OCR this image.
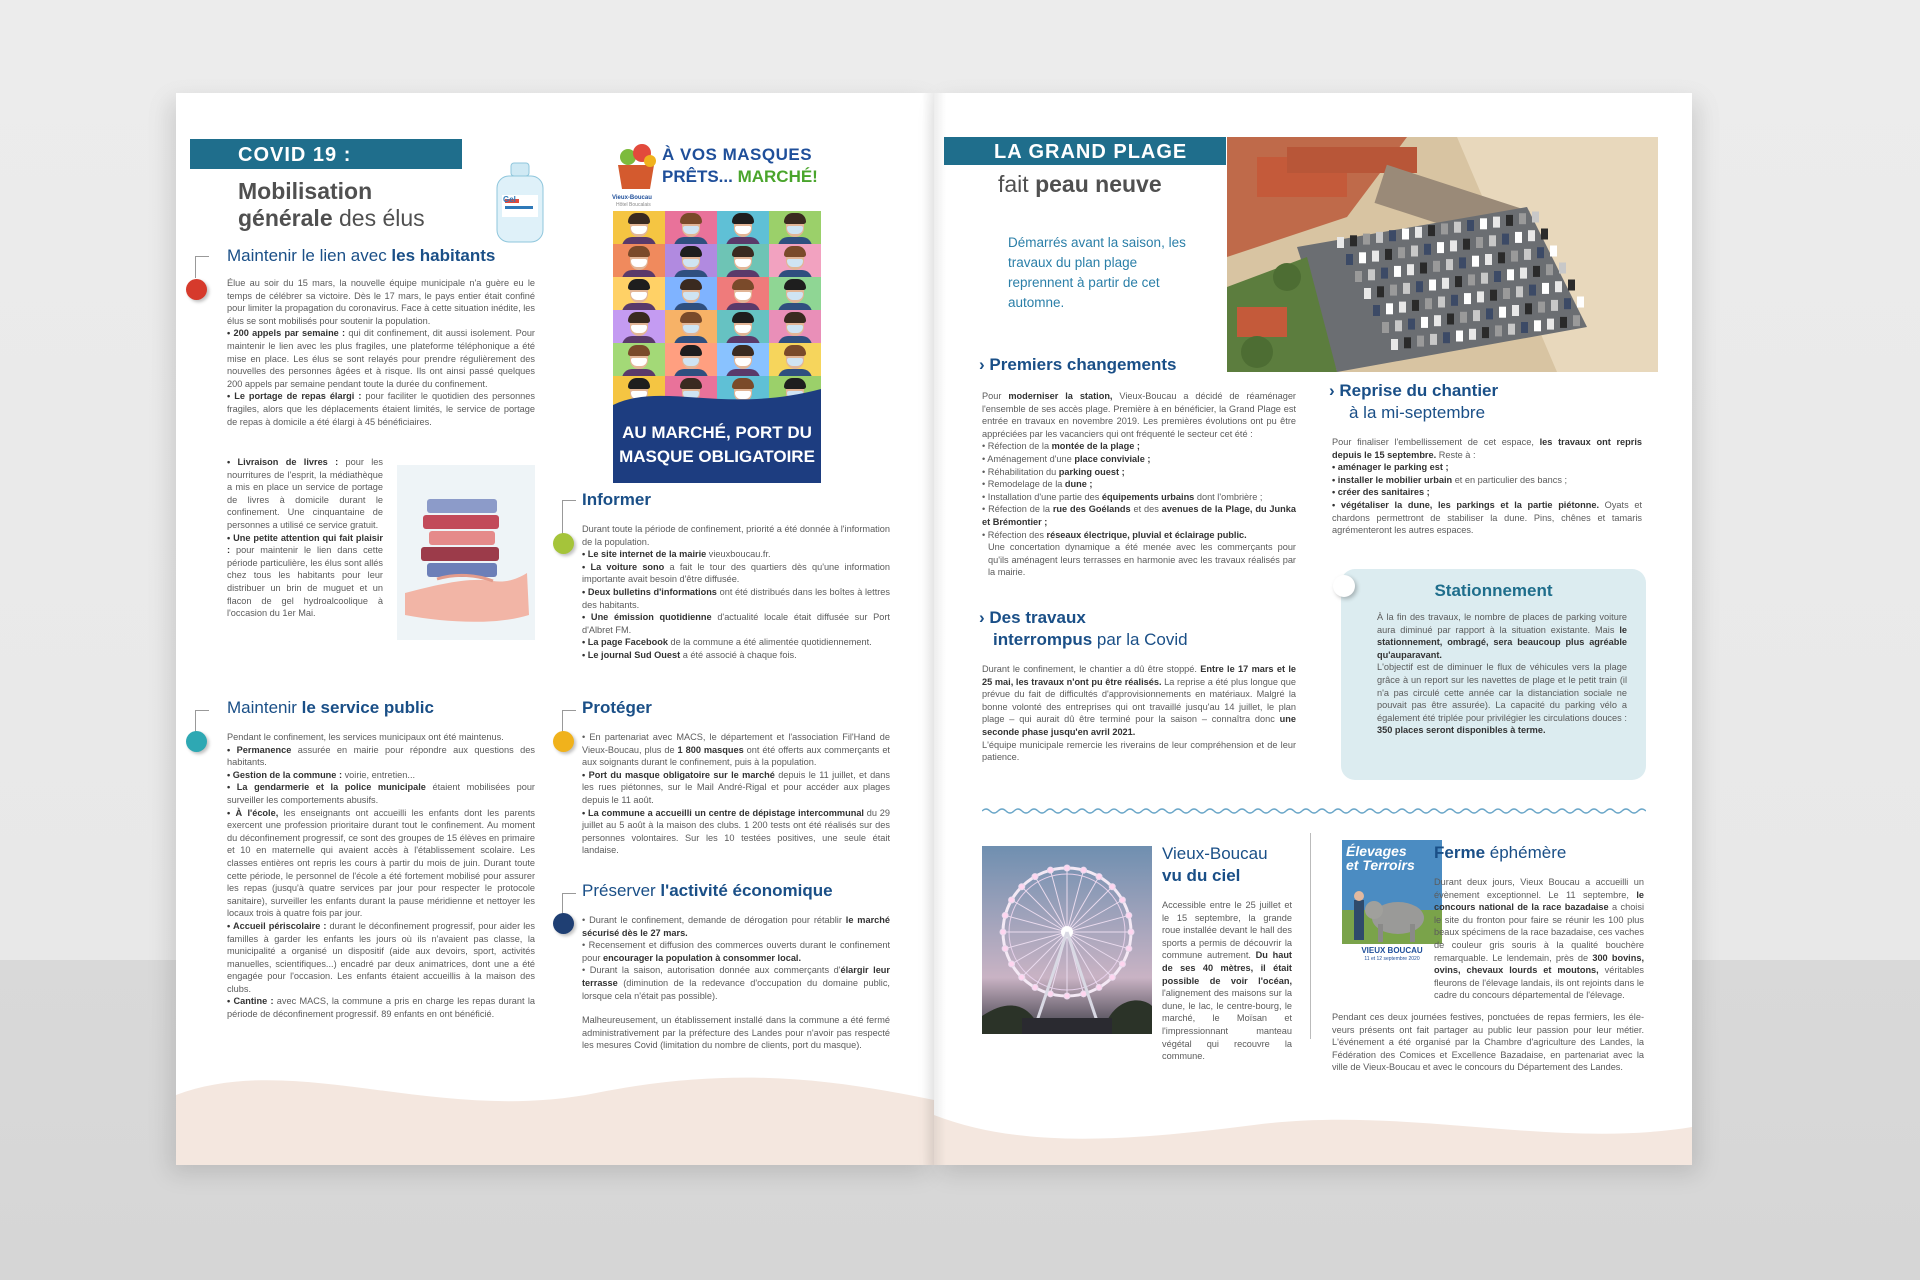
COVID 19 :
Mobilisation
générale des élus
Gel
Maintenir le lien avec les habitants

Élue au soir du 15 mars, la nouvelle équipe municipale n'a guère eu le temps de célébrer sa victoire. Dès le 17 mars, le pays entier était confiné pour limiter la propagation du coronavirus. Face à cette situation inédite, les élus se sont mobilisés pour soutenir la population.

• 200 appels par semaine : qui dit confinement, dit aussi isolement. Pour maintenir le lien avec les plus fragiles, une plateforme téléphonique a été mise en place. Les élus se sont relayés pour prendre régulièrement des nouvelles des personnes âgées et à risque. Ils ont ainsi passé quelques 200 appels par semaine pendant toute la durée du confinement.

• Le portage de repas élargi : pour faciliter le quotidien des personnes fragiles, alors que les déplacements étaient limités, le service de portage de repas à domicile a été élargi à 45 bénéficiaires.

• Livraison de livres : pour les nourritures de l'esprit, la médiathèque a mis en place un service de portage de livres à domicile durant le confinement. Une cinquantaine de personnes a utilisé ce service gratuit.

• Une petite attention qui fait plaisir : pour maintenir le lien dans cette période particulière, les élus sont allés chez tous les habitants pour leur distribuer un brin de muguet et un flacon de gel hydroalcoolique à l'occasion du 1er Mai.

À VOS MASQUES
PRÊTS... MARCHÉ!
Vieux-Boucau
Hôtel Boucalais
AU MARCHÉ, PORT DU
MASQUE OBLIGATOIRE
Informer

Durant toute la période de confinement, priorité a été donnée à l'information de la population.

• Le site internet de la mairie vieuxboucau.fr.

• La voiture sono a fait le tour des quartiers dès qu'une information importante avait besoin d'être diffusée.

• Deux bulletins d'informations ont été distribués dans les boîtes à lettres des habitants.

• Une émission quotidienne d'actualité locale était diffusée sur Port d'Albret FM.

• La page Facebook de la commune a été alimentée quotidiennement.

• Le journal Sud Ouest a été associé à chaque fois.

Maintenir le service public

Pendant le confinement, les services municipaux ont été maintenus.

• Permanence assurée en mairie pour répondre aux questions des habitants.

• Gestion de la commune : voirie, entretien...

• La gendarmerie et la police municipale étaient mobilisées pour surveiller les comportements abusifs.

• À l'école, les enseignants ont accueilli les enfants dont les parents exercent une profession prioritaire durant tout le confinement. Au moment du déconfinement progressif, ce sont des groupes de 15 élèves en primaire et 10 en maternelle qui avaient accès à l'établissement scolaire. Les classes entières ont repris les cours à partir du mois de juin. Durant toute cette période, le personnel de l'école a été fortement mobilisé pour assurer les repas (jusqu'à quatre services par jour pour respecter le protocole sanitaire), surveiller les enfants durant la pause méridienne et nettoyer les locaux trois à quatre fois par jour.

• Accueil périscolaire : durant le déconfinement progressif, pour aider les familles à garder les enfants les jours où ils n'avaient pas classe, la municipalité a organisé un dispositif (aide aux devoirs, sport, activités manuelles, scientifiques...) encadré par deux animatrices, dont une a été engagée pour l'occasion. Les enfants étaient accueillis à la maison des clubs.

• Cantine : avec MACS, la commune a pris en charge les repas durant la période de déconfinement progressif. 89 enfants en ont bénéficié.

Protéger

• En partenariat avec MACS, le département et l'association Fil'Hand de Vieux-Boucau, plus de 1 800 masques ont été offerts aux commerçants et aux soignants durant le confinement, puis à la population.

• Port du masque obligatoire sur le marché depuis le 11 juillet, et dans les rues piétonnes, sur le Mail André-Rigal et pour accéder aux plages depuis le 11 août.

• La commune a accueilli un centre de dépistage intercommunal du 29 juillet au 5 août à la maison des clubs. 1 200 tests ont été réalisés sur des personnes volontaires. Sur les 10 testées positives, une seule était landaise.

Préserver l'activité économique

• Durant le confinement, demande de dérogation pour rétablir le marché sécurisé dès le 27 mars.

• Recensement et diffusion des commerces ouverts durant le confinement pour encourager la population à consommer local.

• Durant la saison, autorisation donnée aux commerçants d'élargir leur terrasse (diminution de la redevance d'occupation du domaine public, lorsque cela n'était pas possible).

Malheureusement, un établissement installé dans la commune a été fermé administrativement par la préfecture des Landes pour n'avoir pas respecté les mesures Covid (limitation du nombre de clients, port du masque).

LA GRAND PLAGE
fait peau neuve
Démarrés avant la saison, les travaux du plan plage reprennent à partir de cet automne.
› Premiers changements

Pour moderniser la station, Vieux-Boucau a décidé de réaménager l'ensemble de ses accès plage. Première à en bénéficier, la Grand Plage est entrée en travaux en novembre 2019. Les premières évolutions ont pu être appréciées par les vacanciers qui ont fréquenté le secteur cet été :

• Réfection de la montée de la plage ;

• Aménagement d'une place conviviale ;

• Réhabilitation du parking ouest ;

• Remodelage de la dune ;

• Installation d'une partie des équipements urbains dont l'ombrière ;

• Réfection de la rue des Goélands et des avenues de la Plage, du Junka et Brémontier ;

• Réfection des réseaux électrique, pluvial et éclairage public.

Une concertation dynamique a été menée avec les commerçants pour qu'ils aménagent leurs terrasses en harmonie avec les travaux réalisés par la mairie.

› Des travaux
interrompus par la Covid

Durant le confinement, le chantier a dû être stoppé. Entre le 17 mars et le 25 mai, les travaux n'ont pu être réalisés. La reprise a été plus longue que prévue du fait de difficultés d'approvisionnements en matériaux. Malgré la bonne volonté des entreprises qui ont travaillé jusqu'au 14 juillet, le plan plage – qui aurait dû être terminé pour la saison – connaîtra donc une seconde phase jusqu'en avril 2021.

L'équipe municipale remercie les riverains de leur compréhension et de leur patience.

› Reprise du chantier
à la mi-septembre

Pour finaliser l'embellissement de cet espace, les travaux ont repris depuis le 15 septembre. Reste à :

• aménager le parking est ;

• installer le mobilier urbain et en particulier des bancs ;

• créer des sanitaires ;

• végétaliser la dune, les parkings et la partie piétonne. Oyats et chardons permettront de stabiliser la dune. Pins, chênes et tamaris agrémenteront les autres espaces.

Stationnement

À la fin des travaux, le nombre de places de parking voiture aura diminué par rapport à la situation existante. Mais le stationnement, ombragé, sera beaucoup plus agréable qu'auparavant.

L'objectif est de diminuer le flux de véhicules vers la plage grâce à un report sur les navettes de plage et le petit train (il n'a pas circulé cette année car la distanciation sociale ne pouvait pas être assurée). La capacité du parking vélo a également été triplée pour privilégier les circulations douces : 350 places seront disponibles à terme.

Vieux-Boucau
vu du ciel

Accessible entre le 25 juillet et le 15 septembre, la grande roue installée devant le hall des sports a permis de découvrir la commune autrement. Du haut de ses 40 mètres, il était possible de voir l'océan, l'alignement des maisons sur la dune, le lac, le centre-bourg, le marché, le Moïsan et l'impressionnant manteau végétal qui recouvre la commune.

Élevages
et Terroirs
VIEUX BOUCAU
11 et 12 septembre 2020
Ferme éphémère

Durant deux jours, Vieux Boucau a accueilli un évènement exceptionnel. Le 11 septembre, le concours national de la race bazadaise a choisi le site du fronton pour faire se réunir les 100 plus beaux spécimens de la race bazadaise, ces vaches de couleur gris souris à la qualité bouchère remarquable. Le lendemain, près de 300 bovins, ovins, chevaux lourds et moutons, véritables fleurons de l'élevage landais, ils ont rejoints dans le cadre du concours départemental de l'élevage.

Pendant ces deux journées festives, ponctuées de repas fermiers, les éleveurs présents ont fait partager au public leur passion pour leur métier. L'événement a été organisé par la Chambre d'agriculture des Landes, la Fédération des Comices et Excellence Bazadaise, en partenariat avec la ville de Vieux-Boucau et avec le concours du Département des Landes.
